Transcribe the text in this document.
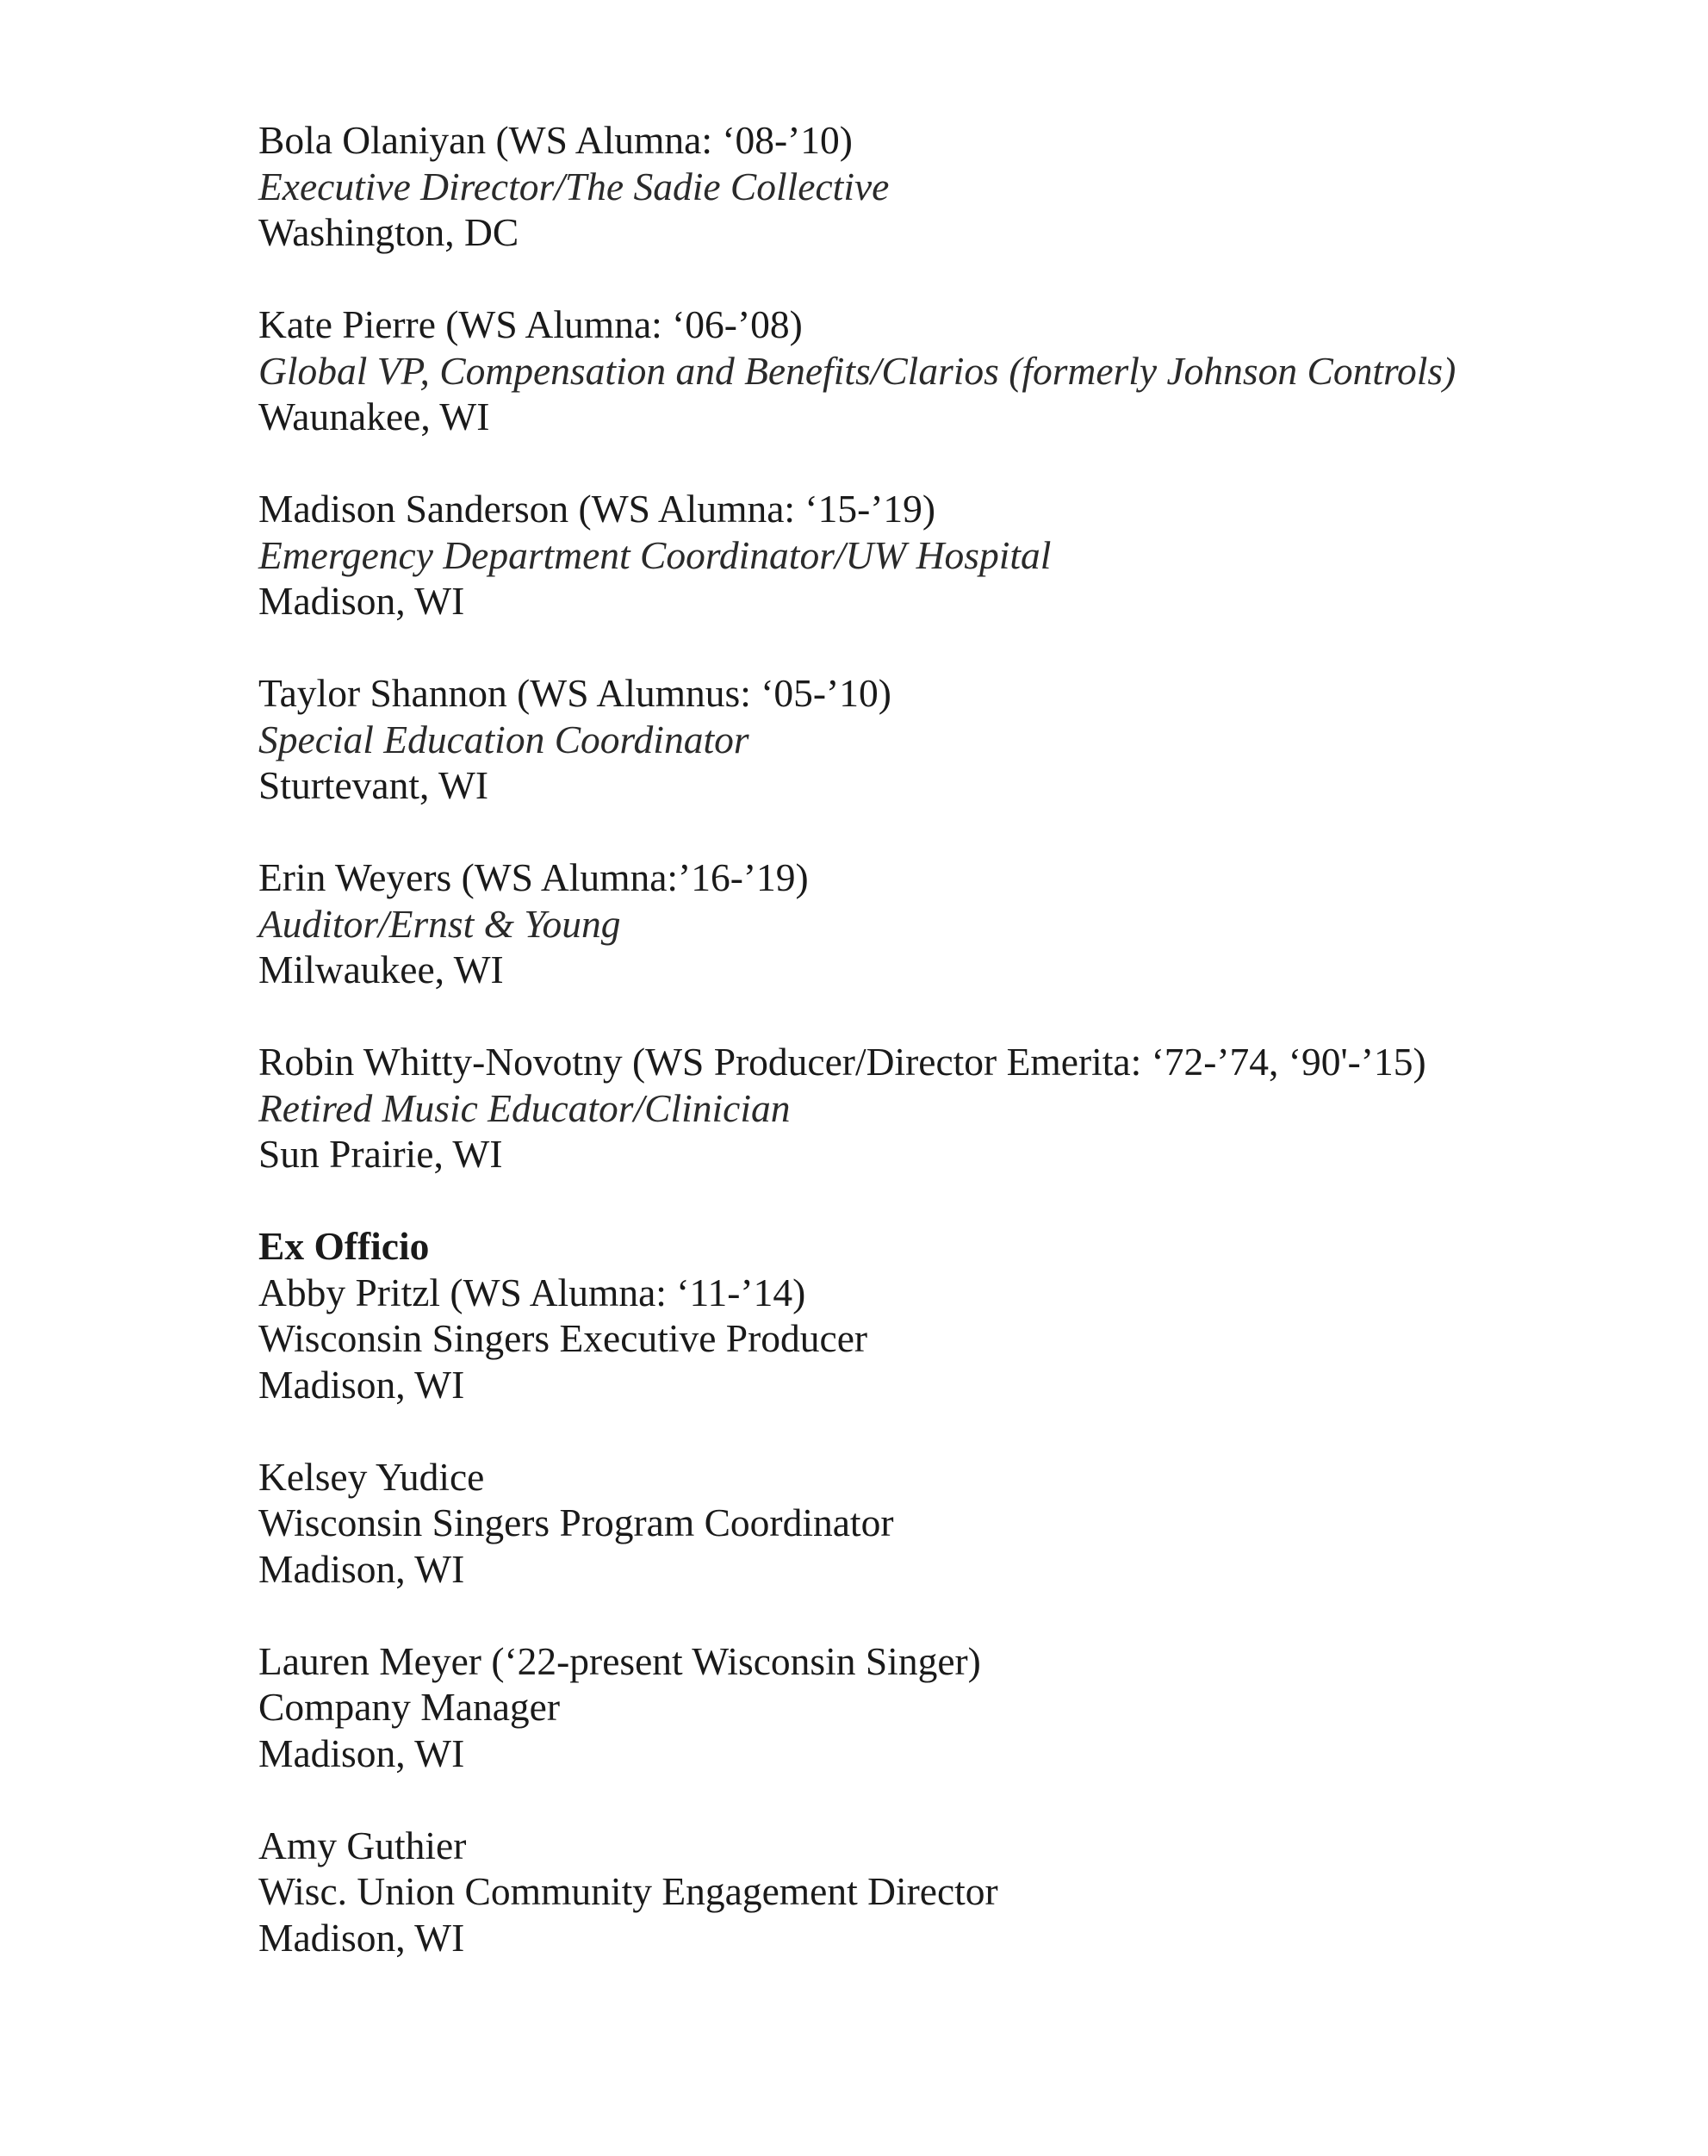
Bola Olaniyan (WS Alumna: ‘08-’10)
Executive Director/The Sadie Collective
Washington, DC
Kate Pierre (WS Alumna: ‘06-’08)
Global VP, Compensation and Benefits/Clarios (formerly Johnson Controls)
Waunakee, WI
Madison Sanderson (WS Alumna: ‘15-’19)
Emergency Department Coordinator/UW Hospital
Madison, WI
Taylor Shannon (WS Alumnus: ‘05-’10)
Special Education Coordinator
Sturtevant, WI
Erin Weyers (WS Alumna:’16-’19)
Auditor/Ernst & Young
Milwaukee, WI
Robin Whitty-Novotny (WS Producer/Director Emerita: ‘72-’74, ‘90'-’15)
Retired Music Educator/Clinician
Sun Prairie, WI
Ex Officio
Abby Pritzl (WS Alumna: ‘11-’14)
Wisconsin Singers Executive Producer
Madison, WI
Kelsey Yudice
Wisconsin Singers Program Coordinator
Madison, WI
Lauren Meyer (‘22-present Wisconsin Singer)
Company Manager
Madison, WI
Amy Guthier
Wisc. Union Community Engagement Director
Madison, WI
